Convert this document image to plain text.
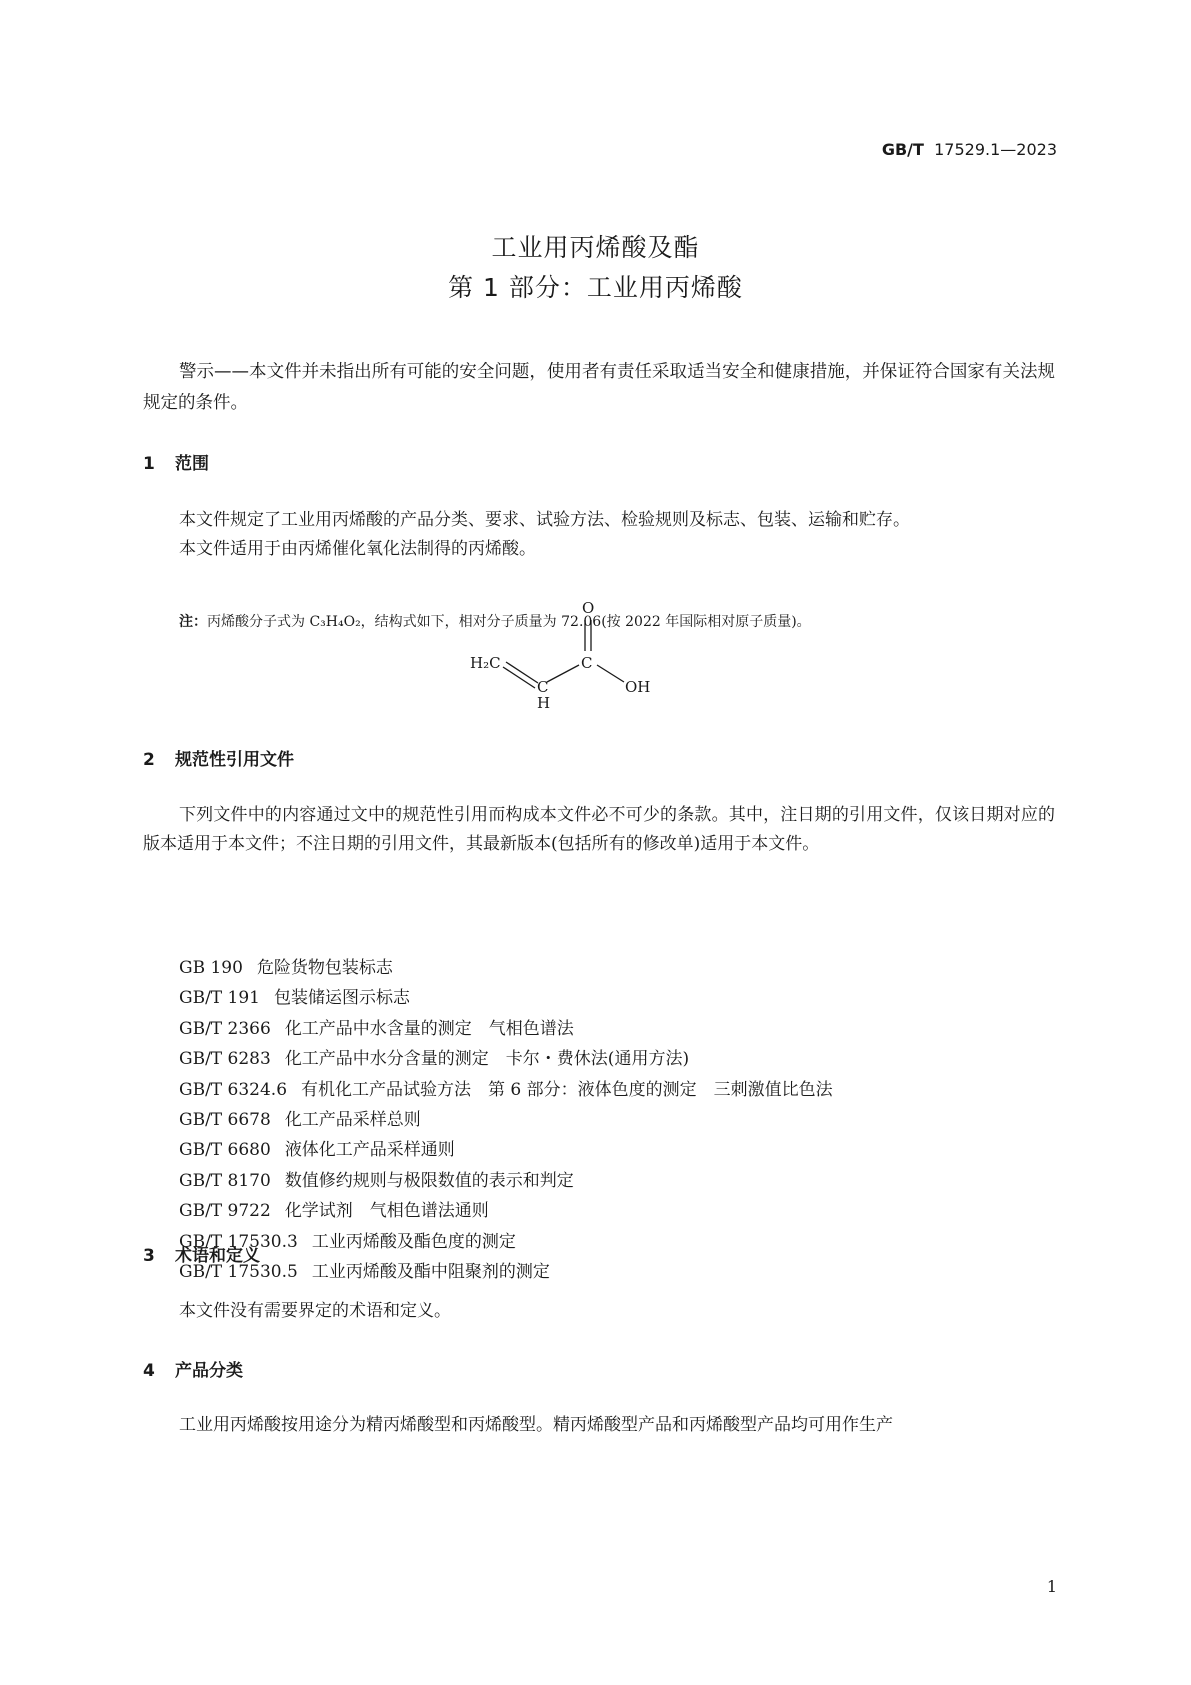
GB/T 17529.1—2023
工业用丙烯酸及酯
第 1 部分：工业用丙烯酸

警示——本文件并未指出所有可能的安全问题，使用者有责任采取适当安全和健康措施，并保证符合国家有关法规规定的条件。

1 范围

本文件规定了工业用丙烯酸的产品分类、要求、试验方法、检验规则及标志、包装、运输和贮存。

本文件适用于由丙烯催化氧化法制得的丙烯酸。

注：丙烯酸分子式为 C₃H₄O₂，结构式如下，相对分子质量为 72.06(按 2022 年国际相对原子质量)。
O
H₂C	C
C
H
OH
2 规范性引用文件

下列文件中的内容通过文中的规范性引用而构成本文件必不可少的条款。其中，注日期的引用文件，仅该日期对应的版本适用于本文件；不注日期的引用文件，其最新版本(包括所有的修改单)适用于本文件。

GB 190 危险货物包装标志
GB/T 191 包装储运图示标志
GB/T 2366 化工产品中水含量的测定　气相色谱法
GB/T 6283 化工产品中水分含量的测定　卡尔・费休法(通用方法)
GB/T 6324.6 有机化工产品试验方法　第 6 部分：液体色度的测定　三刺激值比色法
GB/T 6678 化工产品采样总则
GB/T 6680 液体化工产品采样通则
GB/T 8170 数值修约规则与极限数值的表示和判定
GB/T 9722 化学试剂　气相色谱法通则
GB/T 17530.3 工业丙烯酸及酯色度的测定
GB/T 17530.5 工业丙烯酸及酯中阻聚剂的测定
3 术语和定义

本文件没有需要界定的术语和定义。

4 产品分类

工业用丙烯酸按用途分为精丙烯酸型和丙烯酸型。精丙烯酸型产品和丙烯酸型产品均可用作生产

1
